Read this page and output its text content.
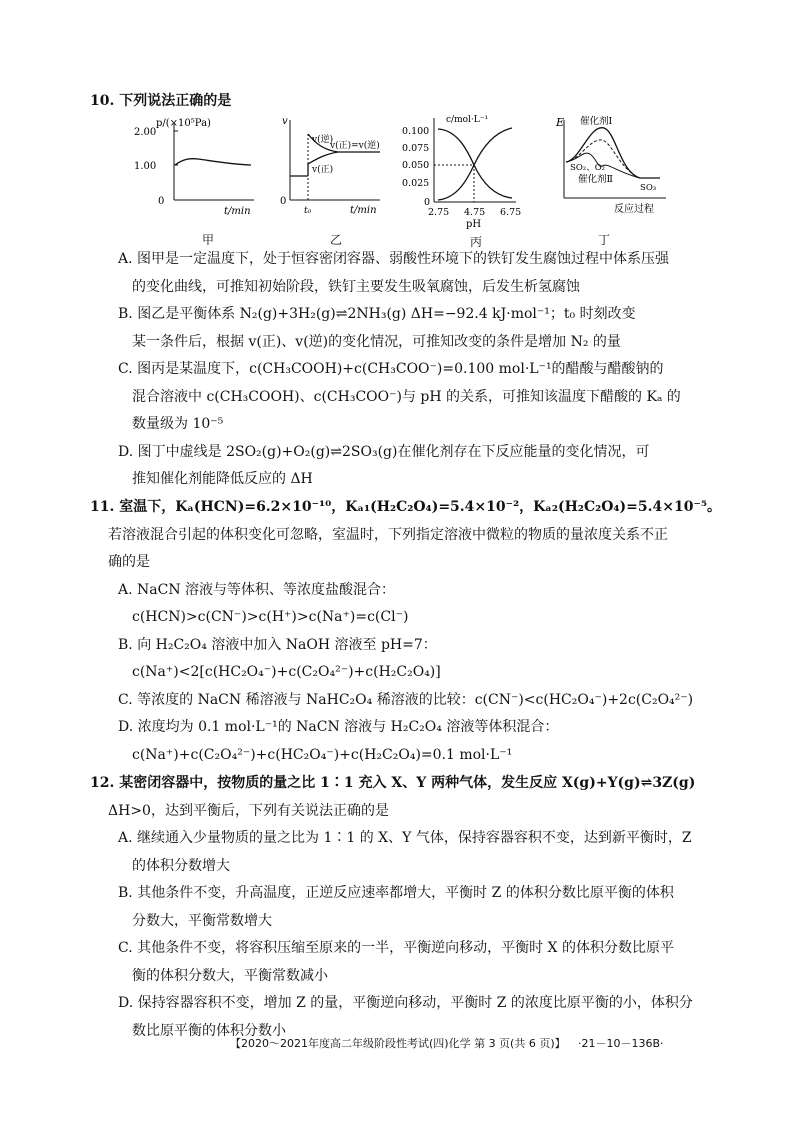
10. 下列说法正确的是
p/(×10⁵Pa)
2.00
1.00
0
t/min
甲
v
0
v(逆)
v(正)=v(逆)
v(正)
t₀	t/min
乙
c/mol·L⁻¹
0.100
0.075
0.050
0.025
0
2.75 4.75 6.75
pH
丙
E 催化剂Ⅰ
SO₂、O₂
催化剂Ⅱ
SO₃
反应过程
丁
A. 图甲是一定温度下，处于恒容密闭容器、弱酸性环境下的铁钉发生腐蚀过程中体系压强
的变化曲线，可推知初始阶段，铁钉主要发生吸氧腐蚀，后发生析氢腐蚀
B. 图乙是平衡体系 N₂(g)+3H₂(g)⇌2NH₃(g) ΔH=−92.4 kJ·mol⁻¹；t₀ 时刻改变
某一条件后，根据 v(正)、v(逆)的变化情况，可推知改变的条件是增加 N₂ 的量
C. 图丙是某温度下，c(CH₃COOH)+c(CH₃COO⁻)=0.100 mol·L⁻¹的醋酸与醋酸钠的
混合溶液中 c(CH₃COOH)、c(CH₃COO⁻)与 pH 的关系，可推知该温度下醋酸的 Kₐ 的
数量级为 10⁻⁵
D. 图丁中虚线是 2SO₂(g)+O₂(g)⇌2SO₃(g)在催化剂存在下反应能量的变化情况，可
推知催化剂能降低反应的 ΔH
11. 室温下，Kₐ(HCN)=6.2×10⁻¹⁰，Kₐ₁(H₂C₂O₄)=5.4×10⁻²，Kₐ₂(H₂C₂O₄)=5.4×10⁻⁵。
若溶液混合引起的体积变化可忽略，室温时，下列指定溶液中微粒的物质的量浓度关系不正
确的是
A. NaCN 溶液与等体积、等浓度盐酸混合：
c(HCN)>c(CN⁻)>c(H⁺)>c(Na⁺)=c(Cl⁻)
B. 向 H₂C₂O₄ 溶液中加入 NaOH 溶液至 pH=7：
c(Na⁺)<2[c(HC₂O₄⁻)+c(C₂O₄²⁻)+c(H₂C₂O₄)]
C. 等浓度的 NaCN 稀溶液与 NaHC₂O₄ 稀溶液的比较：c(CN⁻)<c(HC₂O₄⁻)+2c(C₂O₄²⁻)
D. 浓度均为 0.1 mol·L⁻¹的 NaCN 溶液与 H₂C₂O₄ 溶液等体积混合：
c(Na⁺)+c(C₂O₄²⁻)+c(HC₂O₄⁻)+c(H₂C₂O₄)=0.1 mol·L⁻¹
12. 某密闭容器中，按物质的量之比 1∶1 充入 X、Y 两种气体，发生反应 X(g)+Y(g)⇌3Z(g)
ΔH>0，达到平衡后，下列有关说法正确的是
A. 继续通入少量物质的量之比为 1∶1 的 X、Y 气体，保持容器容积不变，达到新平衡时，Z
的体积分数增大
B. 其他条件不变，升高温度，正逆反应速率都增大，平衡时 Z 的体积分数比原平衡的体积
分数大，平衡常数增大
C. 其他条件不变，将容积压缩至原来的一半，平衡逆向移动，平衡时 X 的体积分数比原平
衡的体积分数大，平衡常数减小
D. 保持容器容积不变，增加 Z 的量，平衡逆向移动，平衡时 Z 的浓度比原平衡的小，体积分
数比原平衡的体积分数小
【2020～2021年度高二年级阶段性考试(四)化学 第 3 页(共 6 页)】 ·21－10－136B·
